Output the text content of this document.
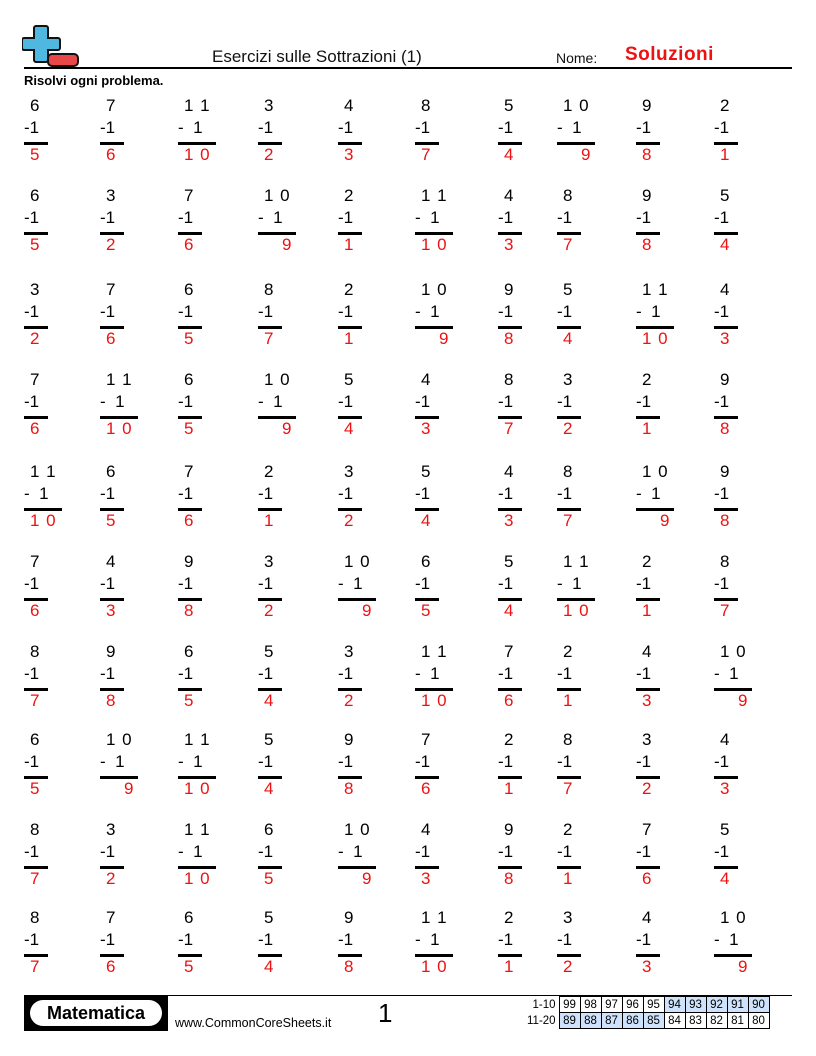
Esercizi sulle Sottrazioni (1)	Nome: Soluzioni
Risolvi ogni problema.
6
-1
5
7
-1
6
1 1
-  1
1 0
3
-1
2
4
-1
3
8
-1
7
5
-1
4
1 0
-  1
9
9
-1
8
2
-1
1
6
-1
5
3
-1
2
7
-1
6
1 0
-  1
9
2
-1
1
1 1
-  1
1 0
4
-1
3
8
-1
7
9
-1
8
5
-1
4
3
-1
2
7
-1
6
6
-1
5
8
-1
7
2
-1
1
1 0
-  1
9
9
-1
8
5
-1
4
1 1
-  1
1 0
4
-1
3
7
-1
6
1 1
-  1
1 0
6
-1
5
1 0
-  1
9
5
-1
4
4
-1
3
8
-1
7
3
-1
2
2
-1
1
9
-1
8
1 1
-  1
1 0
6
-1
5
7
-1
6
2
-1
1
3
-1
2
5
-1
4
4
-1
3
8
-1
7
1 0
-  1
9
9
-1
8
7
-1
6
4
-1
3
9
-1
8
3
-1
2
1 0
-  1
9
6
-1
5
5
-1
4
1 1
-  1
1 0
2
-1
1
8
-1
7
8
-1
7
9
-1
8
6
-1
5
5
-1
4
3
-1
2
1 1
-  1
1 0
7
-1
6
2
-1
1
4
-1
3
1 0
-  1
9
6
-1
5
1 0
-  1
9
1 1
-  1
1 0
5
-1
4
9
-1
8
7
-1
6
2
-1
1
8
-1
7
3
-1
2
4
-1
3
8
-1
7
3
-1
2
1 1
-  1
1 0
6
-1
5
1 0
-  1
9
4
-1
3
9
-1
8
2
-1
1
7
-1
6
5
-1
4
8
-1
7
7
-1
6
6
-1
5
5
-1
4
9
-1
8
1 1
-  1
1 0
2
-1
1
3
-1
2
4
-1
3
1 0
-  1
9
Matematica	www.CommonCoreSheets.it 1	1-10	99	98	97	96	95	94	93	92	91	90
11-20	89	88	87	86	85	84	83	82	81	80
